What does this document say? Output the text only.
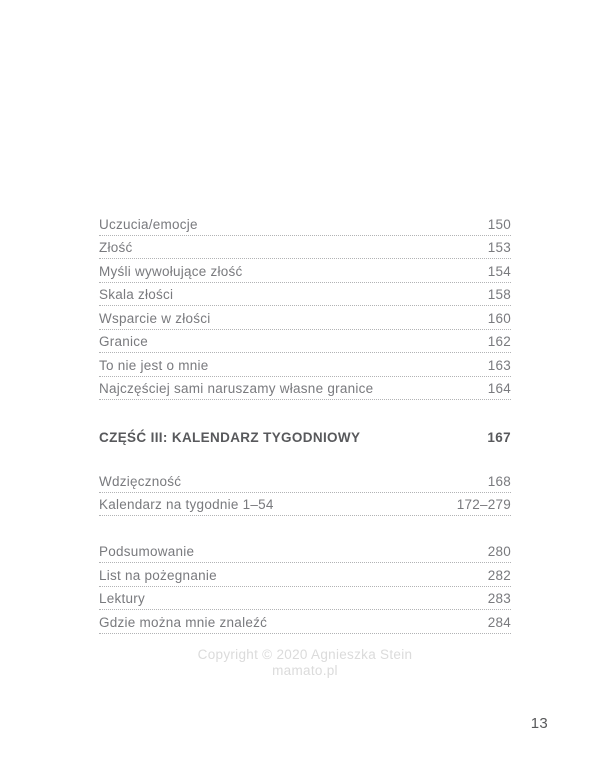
Uczucia/emocje	150
Złość	153
Myśli wywołujące złość	154
Skala złości	158
Wsparcie w złości	160
Granice	162
To nie jest o mnie	163
Najczęściej sami naruszamy własne granice	164
CZĘŚĆ III: KALENDARZ TYGODNIOWY	167
Wdzięczność	168
Kalendarz na tygodnie 1–54	172–279
Podsumowanie	280
List na pożegnanie	282
Lektury	283
Gdzie można mnie znaleźć	284
Copyright © 2020 Agnieszka Stein
mamato.pl
13
